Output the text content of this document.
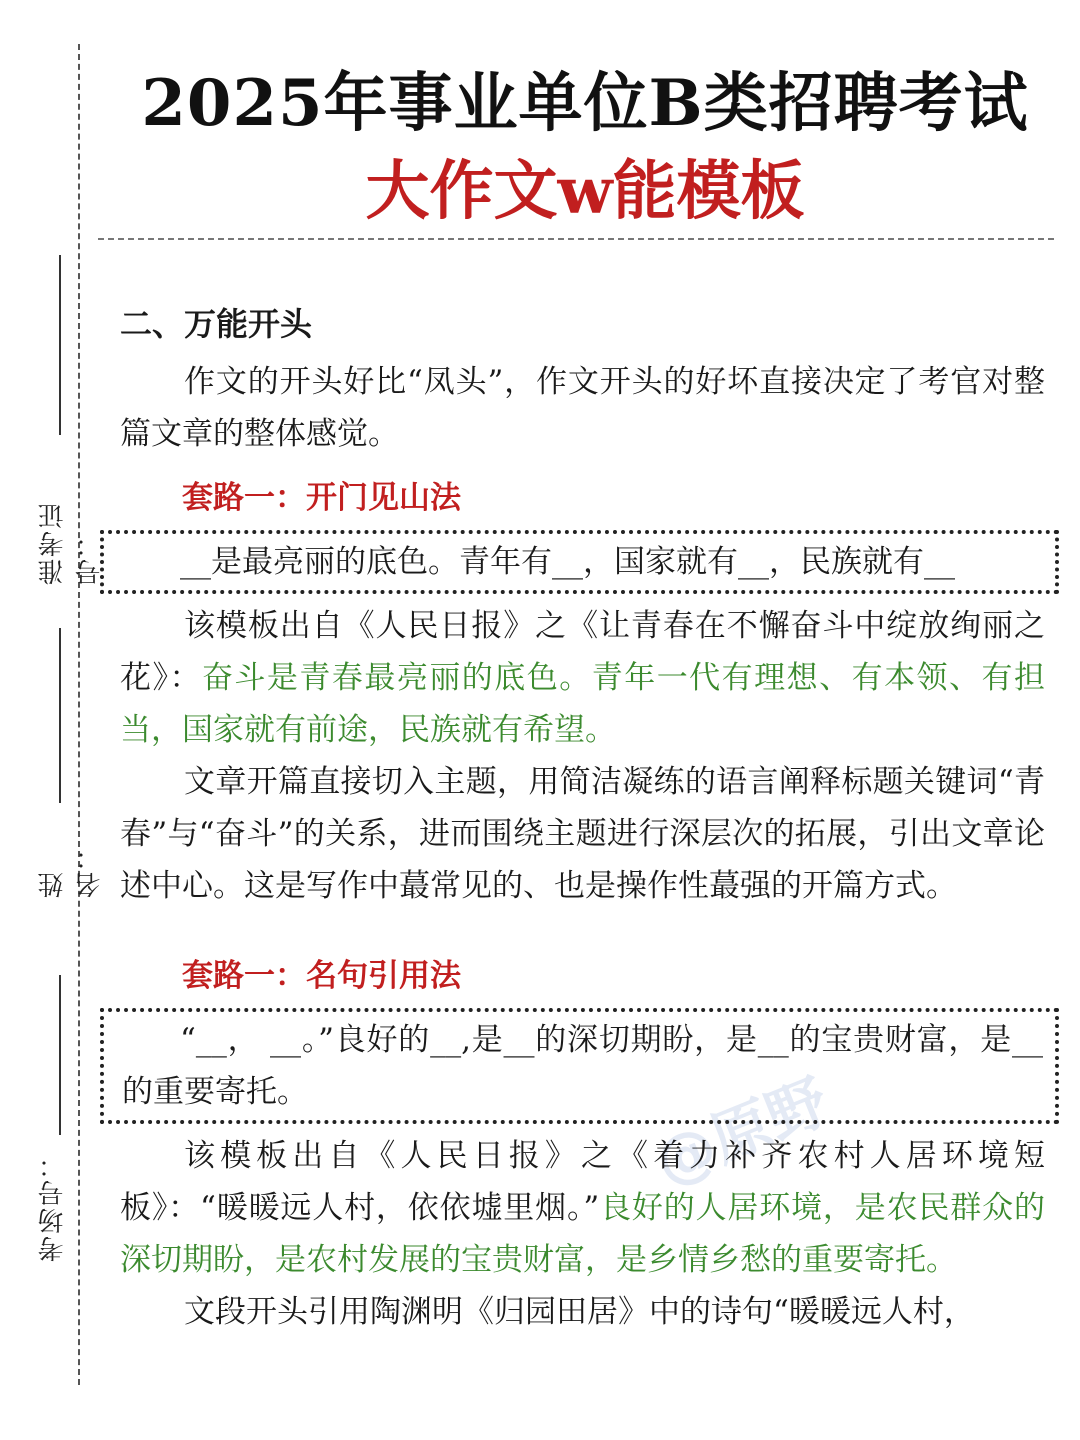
准考证号：
姓名：
考场号：
2025年事业单位B类招聘考试
大作文w能模板
@原野

二、万能开头

作文的开头好比“凤头”，作文开头的好坏直接决定了考官对整篇文章的整体感觉。

套路一：开门见山法

__是最亮丽的底色。青年有__，国家就有__，民族就有__

该模板出自《人民日报》之《让青春在不懈奋斗中绽放绚丽之花》：奋斗是青春最亮丽的底色。青年一代有理想、有本领、有担当，国家就有前途，民族就有希望。

文章开篇直接切入主题，用简洁凝练的语言阐释标题关键词“青春”与“奋斗”的关系，进而围绕主题进行深层次的拓展，引出文章论述中心。这是写作中蕞常见的、也是操作性蕞强的开篇方式。

套路一：名句引用法

“__， __。”良好的__,是__的深切期盼，是__的宝贵财富，是__的重要寄托。

该模板出自《人民日报》之《着力补齐农村人居环境短板》：“暖暖远人村，依依墟里烟。”良好的人居环境，是农民群众的深切期盼，是农村发展的宝贵财富，是乡情乡愁的重要寄托。

文段开头引用陶渊明《归园田居》中的诗句“暖暖远人村，
